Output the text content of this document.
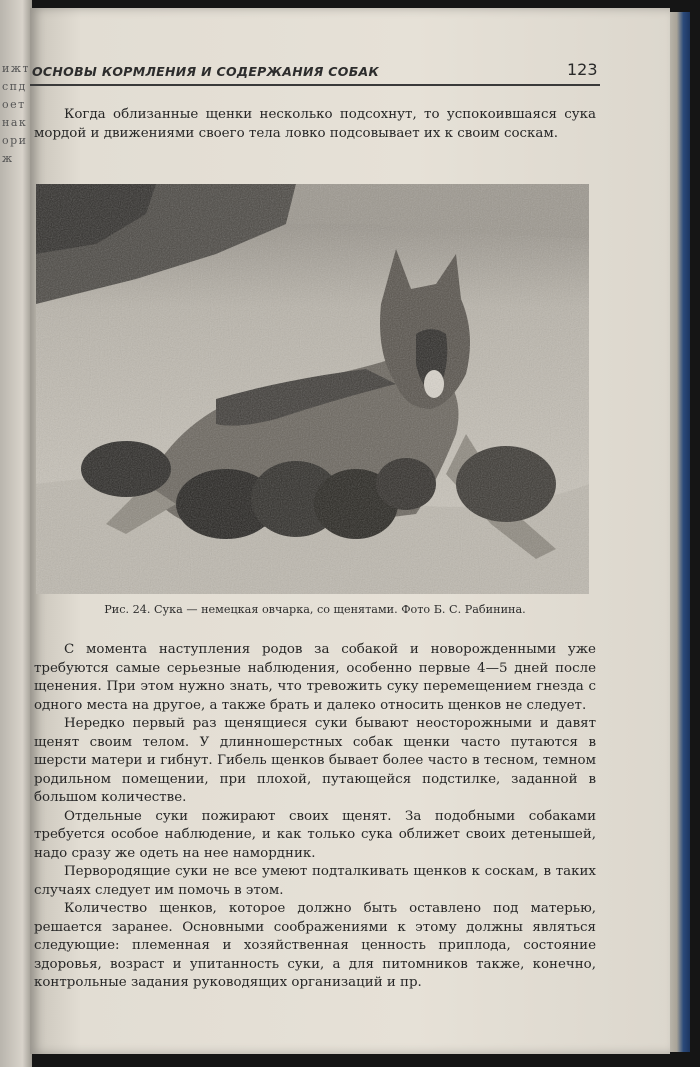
и ж т с п д о е т н а к о р и ж
ОСНОВЫ КОРМЛЕНИЯ И СОДЕРЖАНИЯ СОБАК	123

Когда облизанные щенки несколько подсохнут, то успокоившаяся сука мордой и движениями своего тела ловко подсовывает их к своим соскам.

Рис. 24. Сука — немецкая овчарка, со щенятами. Фото Б. С. Рабинина.

С момента наступления родов за собакой и новорожденными уже требуются самые серьезные наблюдения, особенно первые 4—5 дней после щенения. При этом нужно знать, что тревожить суку перемещением гнезда с одного места на другое, а также брать и далеко относить щенков не следует.

Нередко первый раз щенящиеся суки бывают неосторожными и давят щенят своим телом. У длинношерстных собак щенки часто путаются в шерсти матери и гибнут. Гибель щенков бывает более часто в тесном, темном родильном помещении, при плохой, путающейся подстилке, заданной в большом количестве.

Отдельные суки пожирают своих щенят. За подобными собаками требуется особое наблюдение, и как только сука оближет своих детенышей, надо сразу же одеть на нее намордник.

Первородящие суки не все умеют подталкивать щенков к соскам, в таких случаях следует им помочь в этом.

Количество щенков, которое должно быть оставлено под матерью, решается заранее. Основными соображениями к этому должны являться следующие: племенная и хозяйственная ценность приплода, состояние здоровья, возраст и упитанность суки, а для питомников также, конечно, контрольные задания руководящих организаций и пр.
